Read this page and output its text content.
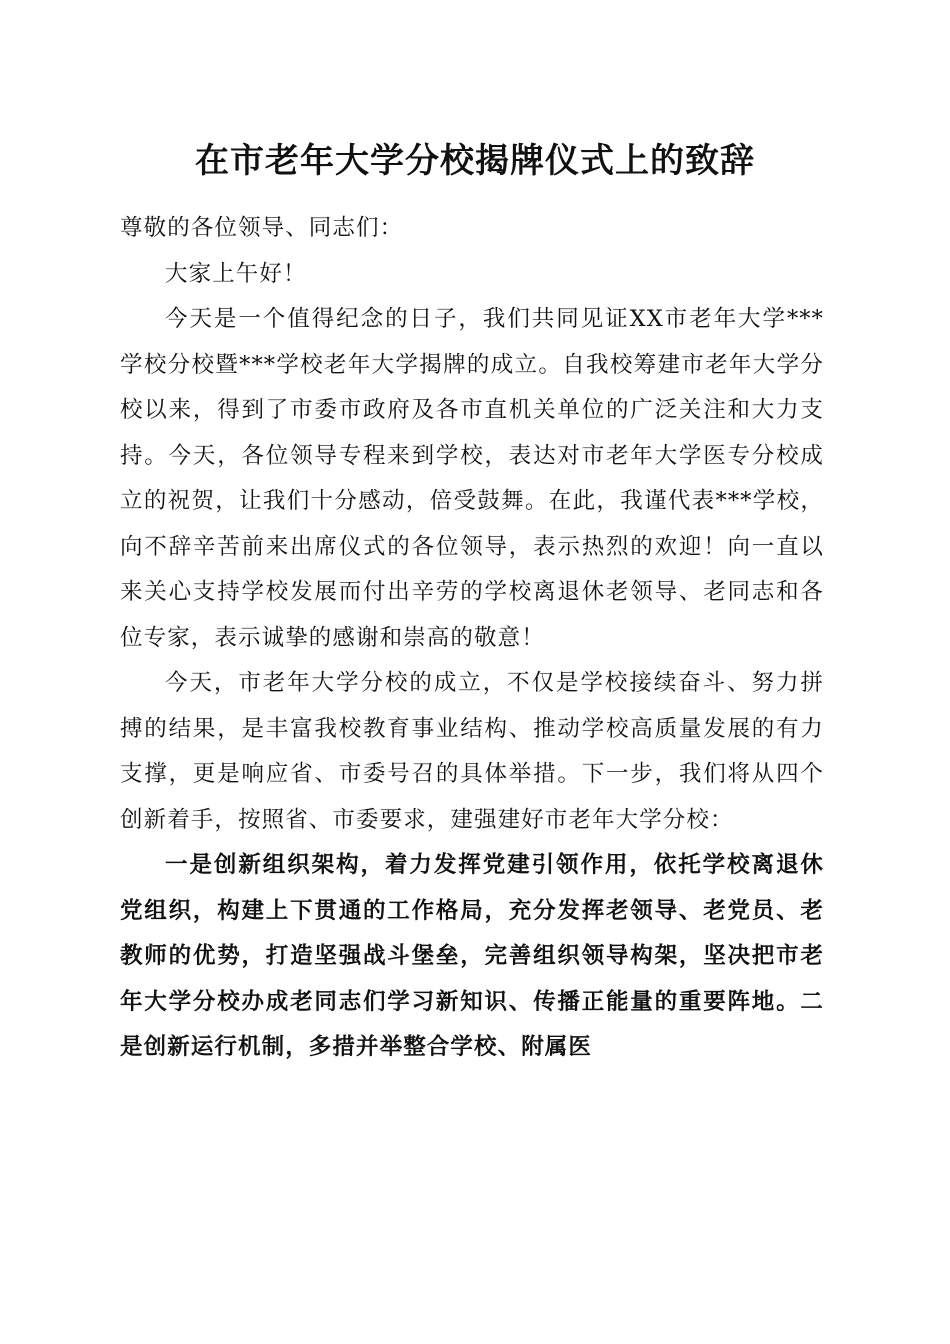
在市老年大学分校揭牌仪式上的致辞

尊敬的各位领导、同志们：

大家上午好！

今天是一个值得纪念的日子，我们共同见证XX市老年大学***学校分校暨***学校老年大学揭牌的成立。自我校筹建市老年大学分校以来，得到了市委市政府及各市直机关单位的广泛关注和大力支持。今天，各位领导专程来到学校，表达对市老年大学医专分校成立的祝贺，让我们十分感动，倍受鼓舞。在此，我谨代表***学校，向不辞辛苦前来出席仪式的各位领导，表示热烈的欢迎！向一直以来关心支持学校发展而付出辛劳的学校离退休老领导、老同志和各位专家，表示诚挚的感谢和崇高的敬意！

今天，市老年大学分校的成立，不仅是学校接续奋斗、努力拼搏的结果，是丰富我校教育事业结构、推动学校高质量发展的有力支撑，更是响应省、市委号召的具体举措。下一步，我们将从四个创新着手，按照省、市委要求，建强建好市老年大学分校：

一是创新组织架构，着力发挥党建引领作用，依托学校离退休党组织，构建上下贯通的工作格局，充分发挥老领导、老党员、老教师的优势，打造坚强战斗堡垒，完善组织领导构架，坚决把市老年大学分校办成老同志们学习新知识、传播正能量的重要阵地。二是创新运行机制，多措并举整合学校、附属医
